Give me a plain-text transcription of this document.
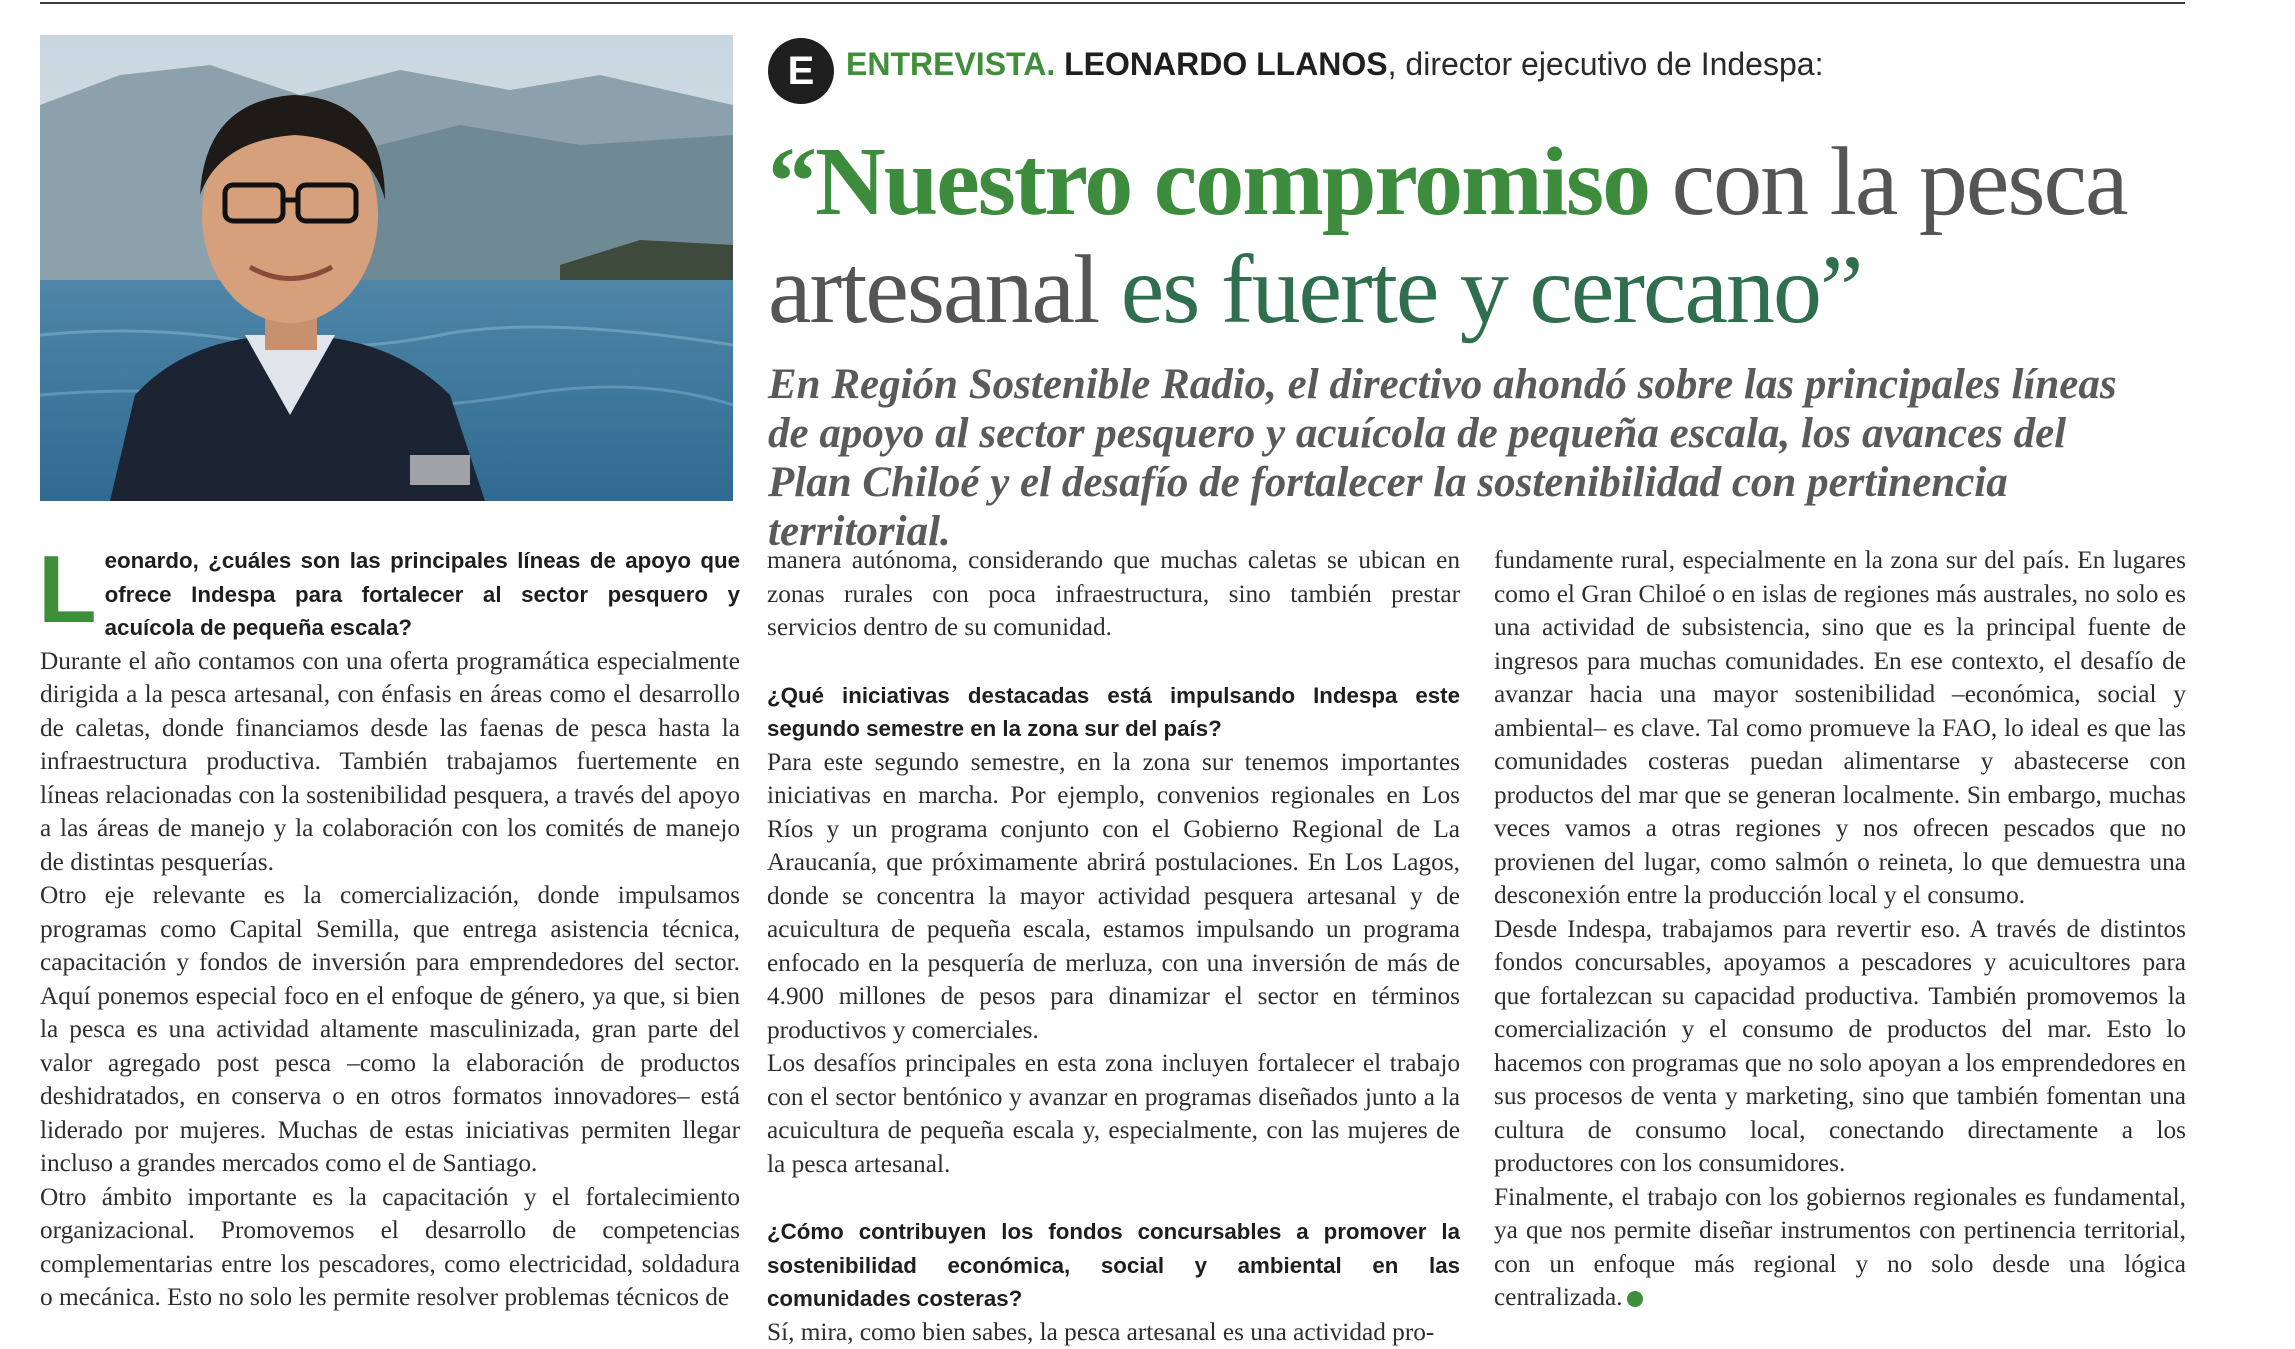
E ENTREVISTA. LEONARDO LLANOS, director ejecutivo de Indespa:
“Nuestro compromiso con la pesca artesanal es fuerte y cercano”
En Región Sostenible Radio, el directivo ahondó sobre las principales líneas de apoyo al sector pesquero y acuícola de pequeña escala, los avances del Plan Chiloé y el desafío de fortalecer la sostenibilidad con pertinencia territorial.

Leonardo, ¿cuáles son las principales líneas de apoyo que ofrece Indespa para fortalecer al sector pesquero y acuícola de pequeña escala?

Durante el año contamos con una oferta programática especialmente dirigida a la pesca artesanal, con énfasis en áreas como el desarrollo de caletas, donde financiamos desde las faenas de pesca hasta la infraestructura productiva. También trabajamos fuertemente en líneas relacionadas con la sostenibilidad pesquera, a través del apoyo a las áreas de manejo y la colaboración con los comités de manejo de distintas pesquerías.

Otro eje relevante es la comercialización, donde impulsamos programas como Capital Semilla, que entrega asistencia técnica, capacitación y fondos de inversión para emprendedores del sector. Aquí ponemos especial foco en el enfoque de género, ya que, si bien la pesca es una actividad altamente masculinizada, gran parte del valor agregado post pesca –como la elaboración de productos deshidratados, en conserva o en otros formatos innovadores– está liderado por mujeres. Muchas de estas iniciativas permiten llegar incluso a grandes mercados como el de Santiago.

Otro ámbito importante es la capacitación y el fortalecimiento organizacional. Promovemos el desarrollo de competencias complementarias entre los pescadores, como electricidad, soldadura o mecánica. Esto no solo les permite resolver problemas técnicos de

manera autónoma, considerando que muchas caletas se ubican en zonas rurales con poca infraestructura, sino también prestar servicios dentro de su comunidad.

¿Qué iniciativas destacadas está impulsando Indespa este segundo semestre en la zona sur del país?

Para este segundo semestre, en la zona sur tenemos importantes iniciativas en marcha. Por ejemplo, convenios regionales en Los Ríos y un programa conjunto con el Gobierno Regional de La Araucanía, que próximamente abrirá postulaciones. En Los Lagos, donde se concentra la mayor actividad pesquera artesanal y de acuicultura de pequeña escala, estamos impulsando un programa enfocado en la pesquería de merluza, con una inversión de más de 4.900 millones de pesos para dinamizar el sector en términos productivos y comerciales.

Los desafíos principales en esta zona incluyen fortalecer el trabajo con el sector bentónico y avanzar en programas diseñados junto a la acuicultura de pequeña escala y, especialmente, con las mujeres de la pesca artesanal.

¿Cómo contribuyen los fondos concursables a promover la sostenibilidad económica, social y ambiental en las comunidades costeras?

Sí, mira, como bien sabes, la pesca artesanal es una actividad pro-

fundamente rural, especialmente en la zona sur del país. En lugares como el Gran Chiloé o en islas de regiones más australes, no solo es una actividad de subsistencia, sino que es la principal fuente de ingresos para muchas comunidades. En ese contexto, el desafío de avanzar hacia una mayor sostenibilidad –económica, social y ambiental– es clave. Tal como promueve la FAO, lo ideal es que las comunidades costeras puedan alimentarse y abastecerse con productos del mar que se generan localmente. Sin embargo, muchas veces vamos a otras regiones y nos ofrecen pescados que no provienen del lugar, como salmón o reineta, lo que demuestra una desconexión entre la producción local y el consumo.

Desde Indespa, trabajamos para revertir eso. A través de distintos fondos concursables, apoyamos a pescadores y acuicultores para que fortalezcan su capacidad productiva. También promovemos la comercialización y el consumo de productos del mar. Esto lo hacemos con programas que no solo apoyan a los emprendedores en sus procesos de venta y marketing, sino que también fomentan una cultura de consumo local, conectando directamente a los productores con los consumidores.

Finalmente, el trabajo con los gobiernos regionales es fundamental, ya que nos permite diseñar instrumentos con pertinencia territorial, con un enfoque más regional y no solo desde una lógica centralizada.
